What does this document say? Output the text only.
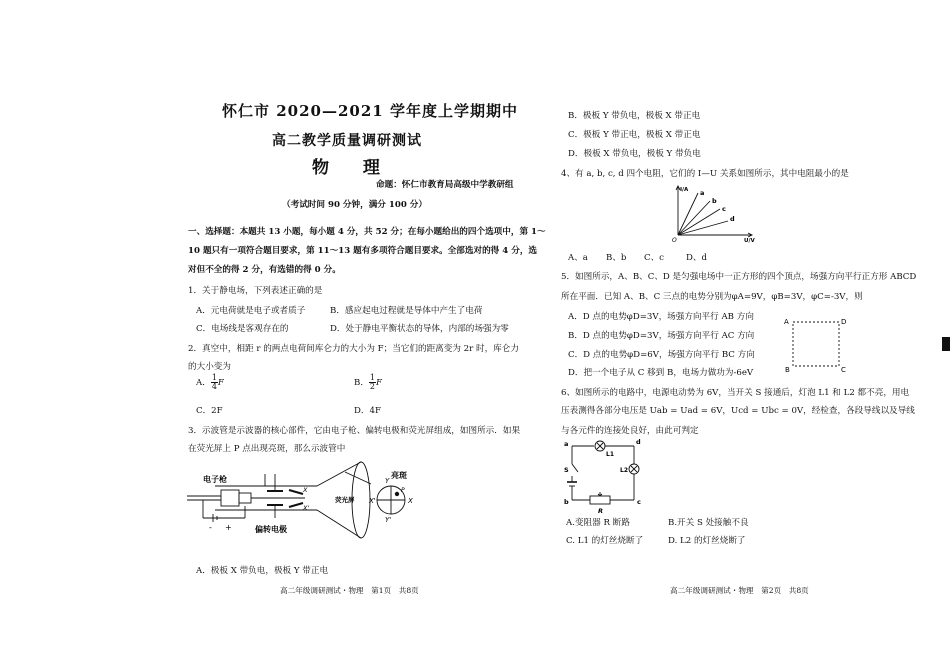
怀仁市 2020—2021 学年度上学期期中
高二教学质量调研测试
物 理
命题：怀仁市教育局高级中学教研组
（考试时间 90 分钟，满分 100 分）
一、选择题：本题共 13 小题，每小题 4 分，共 52 分；在每小题给出的四个选项中，第 1～
10 题只有一项符合题目要求，第 11～13 题有多项符合题目要求。全部选对的得 4 分，选
对但不全的得 2 分，有选错的得 0 分。
1．关于静电场，下列表述正确的是
A．元电荷就是电子或者质子	B．感应起电过程就是导体中产生了电荷
C．电场线是客观存在的	D．处于静电平衡状态的导体，内部的场强为零
2．真空中，相距 r 的两点电荷间库仑力的大小为 F；当它们的距离变为 2r 时，库仑力
的大小变为
A． $\frac{1}{4}$ F	B． $\frac{1}{2}$ F
C．2F	D．4F
3．示波管是示波器的核心部件，它由电子枪、偏转电极和荧光屏组成，如图所示．如果
在荧光屏上 P 点出现亮斑，那么示波管中
电子枪
偏转电极
亮斑
荧光屏
Y
Y'
X
X'
P
X
X'
- +
A．极板 X 带负电，极板 Y 带正电
高二年级调研测试・物理　第1页　共8页
B．极板 Y 带负电，极板 X 带正电
C．极板 Y 带正电，极板 X 带正电
D．极板 X 带负电，极板 Y 带负电
4、有 a, b, c, d 四个电阻，它们的 I—U 关系如图所示，其中电阻最小的是
I/A
U/V
O
a
b
c
d
A、a B、b C、c	D、d
5．如图所示，A、B、C、D 是匀强电场中一正方形的四个顶点，场强方向平行正方形 ABCD
所在平面．已知 A、B、C 三点的电势分别为φA=9V，φB=3V，φC=-3V，则
A．D 点的电势φD=3V，场强方向平行 AB 方向
B．D 点的电势φD=3V，场强方向平行 AC 方向
C．D 点的电势φD=6V，场强方向平行 BC 方向
D．把一个电子从 C 移到 B，电场力做功为-6eV
A	D
B	C
6、如图所示的电路中，电源电动势为 6V，当开关 S 接通后，灯泡 L1 和 L2 都不亮，用电
压表测得各部分电压是 Uab = Uad = 6V，Ucd = Ubc = 0V，经检查，各段导线以及导线
与各元件的连接处良好，由此可判定
a	d
b	c
S
L1
L2
R
A.变阻器 R 断路	B.开关 S 处接触不良
C. L1 的灯丝烧断了	D. L2 的灯丝烧断了
高二年级调研测试・物理　第2页　共8页
